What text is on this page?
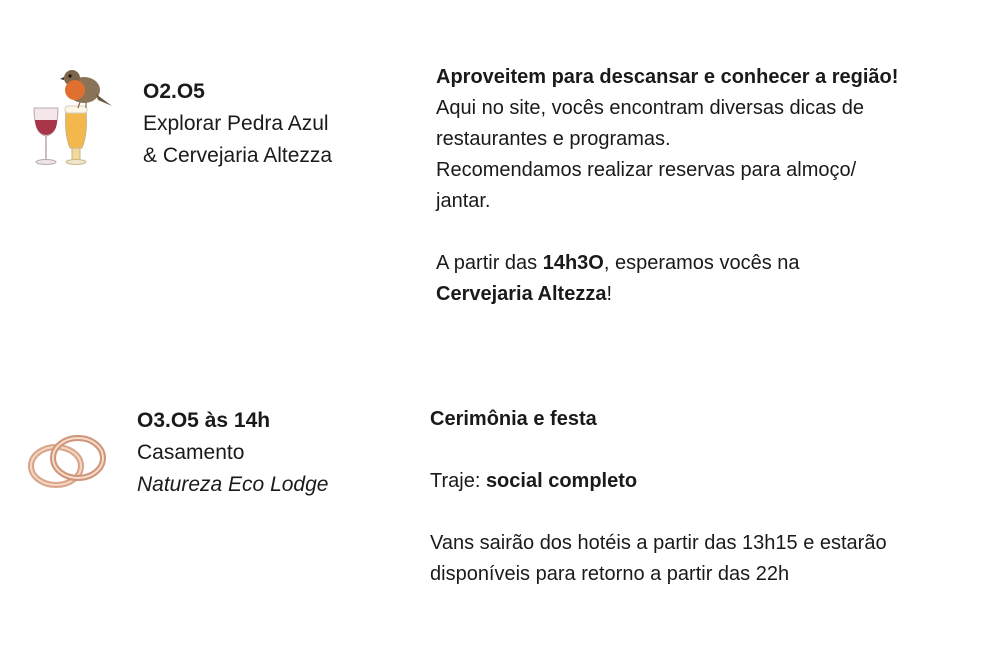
O2.O5
Explorar Pedra Azul
& Cervejaria Altezza

Aproveitem para descansar e conhecer a região!

Aqui no site, vocês encontram diversas dicas de

restaurantes e programas.

Recomendamos realizar reservas para almoço/

jantar.

A partir das 14h3O, esperamos vocês na

Cervejaria Altezza!

O3.O5 às 14h
Casamento
Natureza Eco Lodge

Cerimônia e festa

Traje: social completo

Vans sairão dos hotéis a partir das 13h15 e estarão

disponíveis para retorno a partir das 22h
